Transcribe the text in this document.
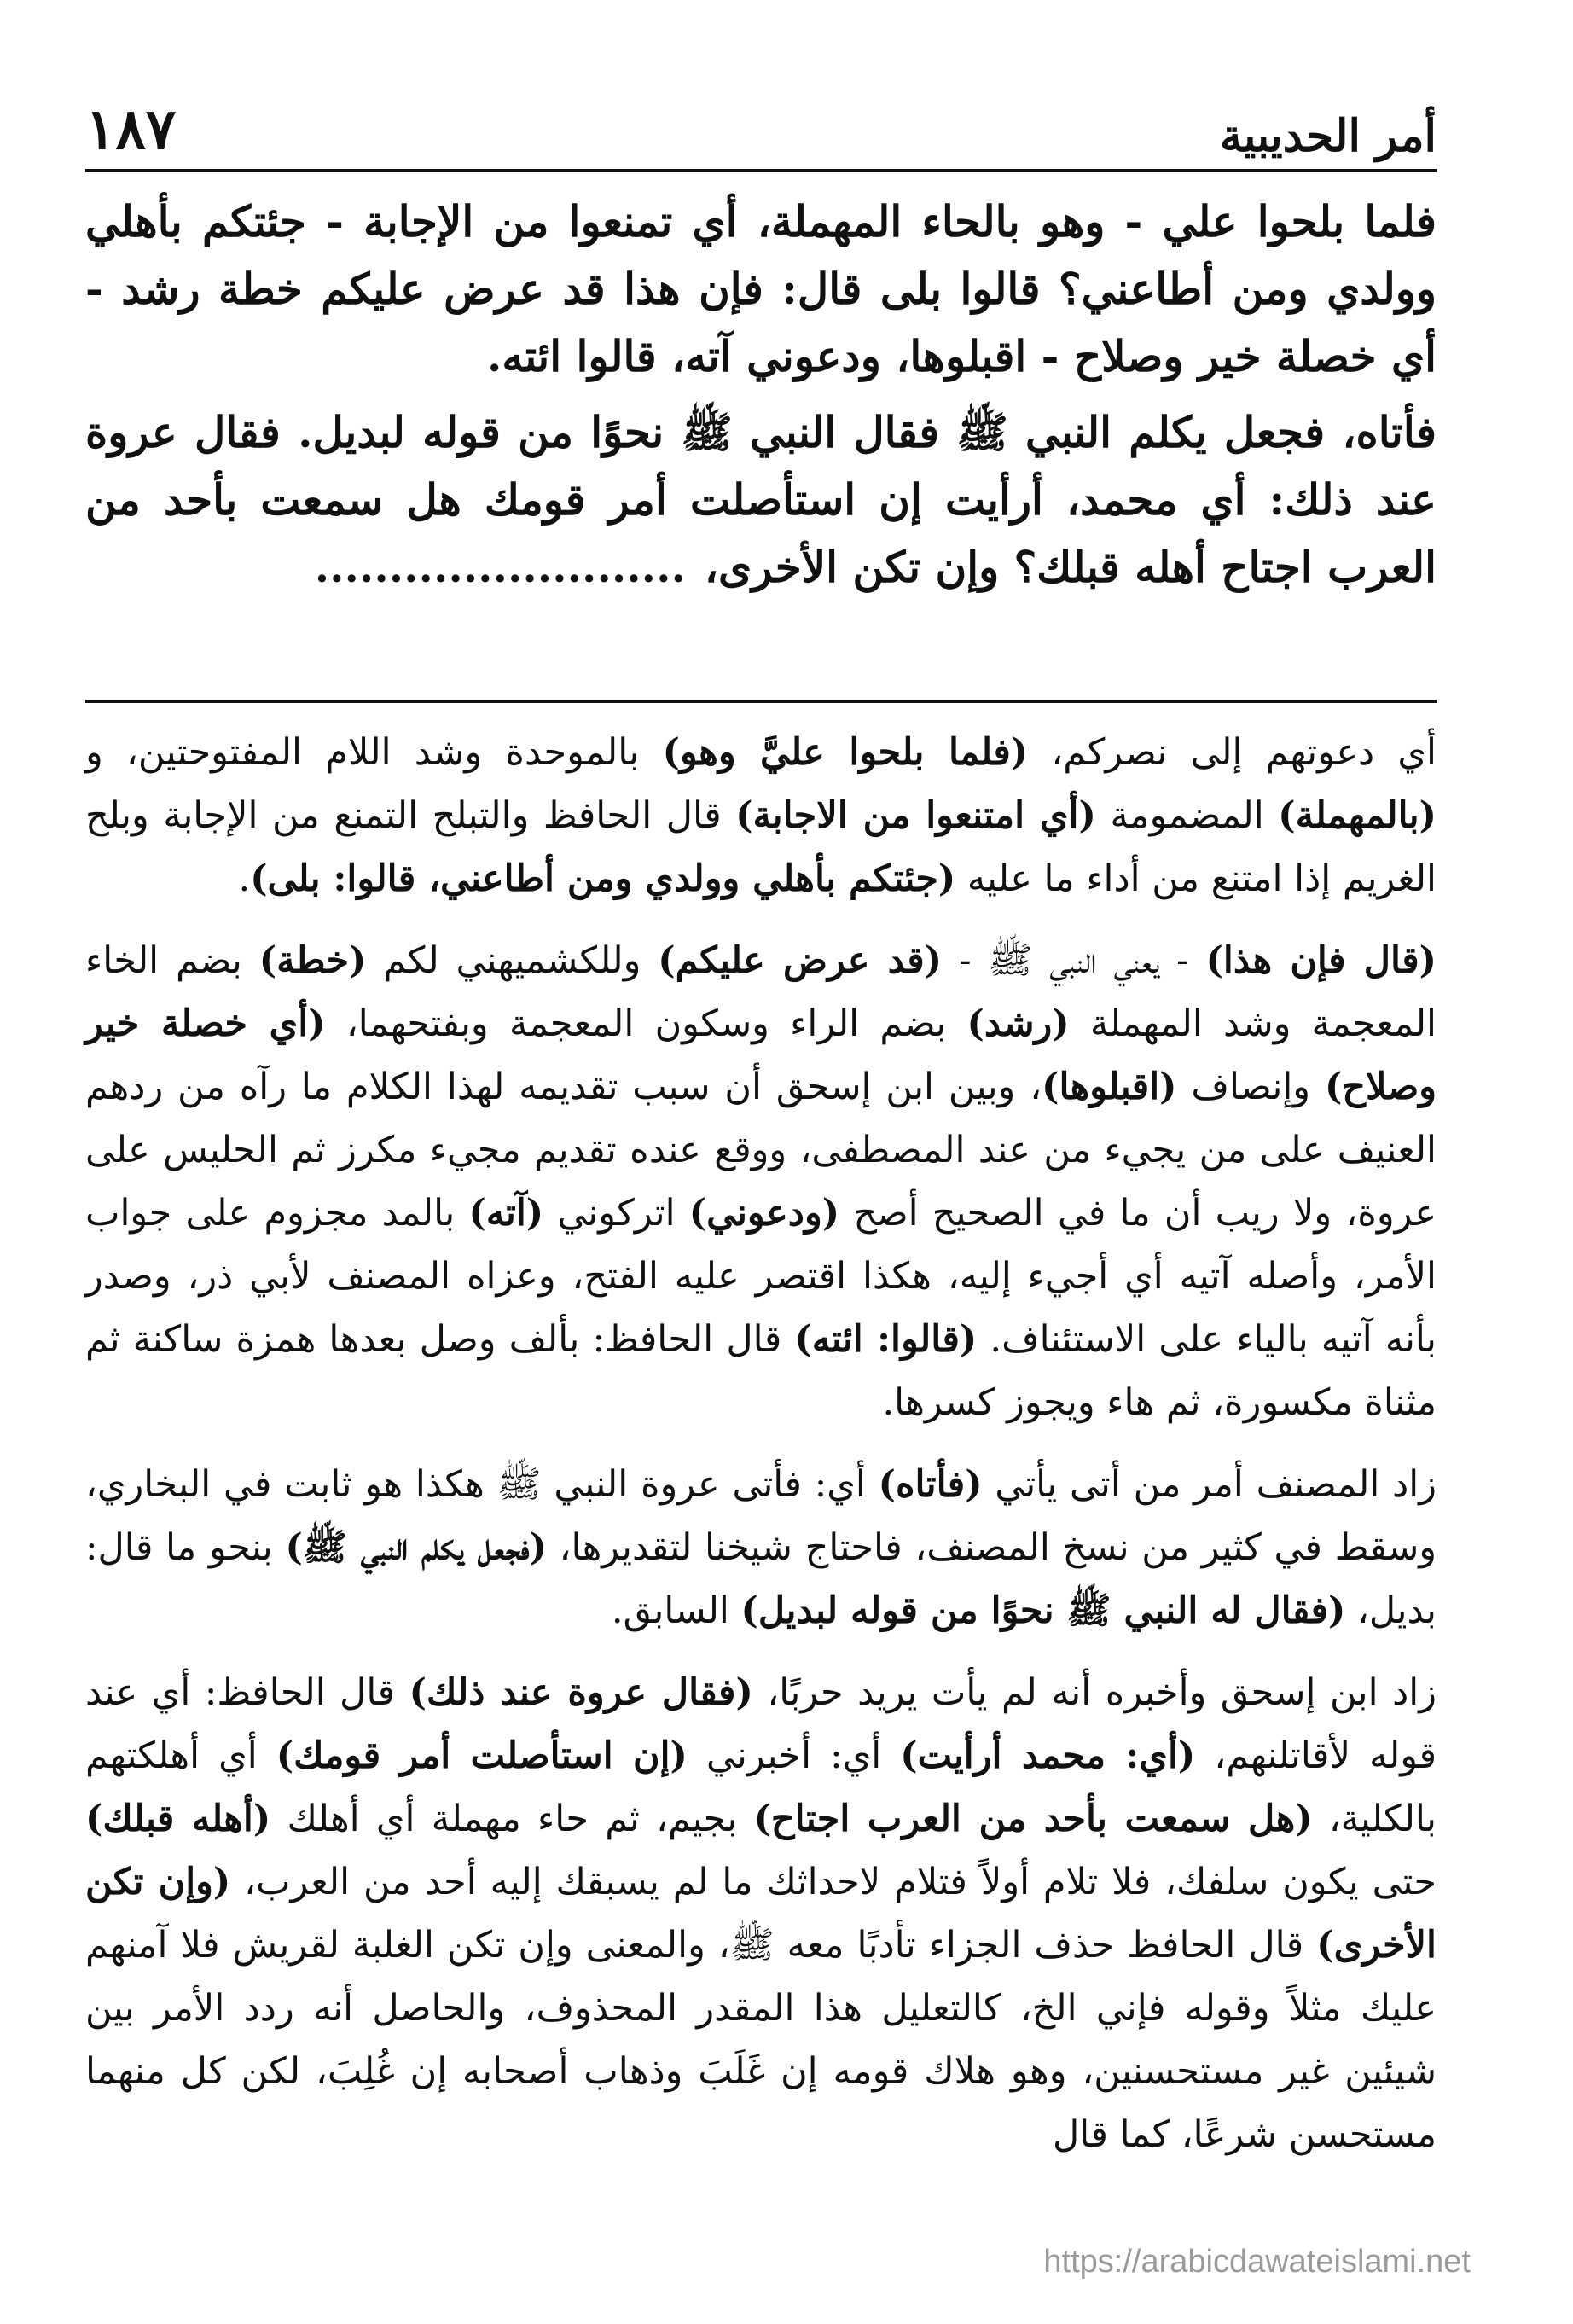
١٨٧	أمر الحديبية

فلما بلحوا علي - وهو بالحاء المهملة، أي تمنعوا من الإجابة - جئتكم بأهلي وولدي ومن أطاعني؟ قالوا بلى قال: فإن هذا قد عرض عليكم خطة رشد - أي خصلة خير وصلاح - اقبلوها، ودعوني آته، قالوا ائته.

فأتاه، فجعل يكلم النبي ﷺ فقال النبي ﷺ نحوًا من قوله لبديل. فقال عروة عند ذلك: أي محمد، أرأيت إن استأصلت أمر قومك هل سمعت بأحد من العرب اجتاح أهله قبلك؟ وإن تكن الأخرى،.........................

أي دعوتهم إلى نصركم، (فلما بلحوا عليَّ وهو) بالموحدة وشد اللام المفتوحتين، و (بالمهملة) المضمومة (أي امتنعوا من الاجابة) قال الحافظ والتبلح التمنع من الإجابة وبلح الغريم إذا امتنع من أداء ما عليه (جئتكم بأهلي وولدي ومن أطاعني، قالوا: بلى).

(قال فإن هذا) - يعني النبي ﷺ - (قد عرض عليكم) وللكشميهني لكم (خطة) بضم الخاء المعجمة وشد المهملة (رشد) بضم الراء وسكون المعجمة وبفتحهما، (أي خصلة خير وصلاح) وإنصاف (اقبلوها)، وبين ابن إسحق أن سبب تقديمه لهذا الكلام ما رآه من ردهم العنيف على من يجيء من عند المصطفى، ووقع عنده تقديم مجيء مكرز ثم الحليس على عروة، ولا ريب أن ما في الصحيح أصح (ودعوني) اتركوني (آته) بالمد مجزوم على جواب الأمر، وأصله آتيه أي أجيء إليه، هكذا اقتصر عليه الفتح، وعزاه المصنف لأبي ذر، وصدر بأنه آتيه بالياء على الاستئناف. (قالوا: ائته) قال الحافظ: بألف وصل بعدها همزة ساكنة ثم مثناة مكسورة، ثم هاء ويجوز كسرها.

زاد المصنف أمر من أتى يأتي (فأتاه) أي: فأتى عروة النبي ﷺ هكذا هو ثابت في البخاري، وسقط في كثير من نسخ المصنف، فاحتاج شيخنا لتقديرها، (فجعل يكلم النبي ﷺ) بنحو ما قال: بديل، (فقال له النبي ﷺ نحوًا من قوله لبديل) السابق.

زاد ابن إسحق وأخبره أنه لم يأت يريد حربًا، (فقال عروة عند ذلك) قال الحافظ: أي عند قوله لأقاتلنهم، (أي: محمد أرأيت) أي: أخبرني (إن استأصلت أمر قومك) أي أهلكتهم بالكلية، (هل سمعت بأحد من العرب اجتاح) بجيم، ثم حاء مهملة أي أهلك (أهله قبلك) حتى يكون سلفك، فلا تلام أولاً فتلام لاحداثك ما لم يسبقك إليه أحد من العرب، (وإن تكن الأخرى) قال الحافظ حذف الجزاء تأدبًا معه ﷺ، والمعنى وإن تكن الغلبة لقريش فلا آمنهم عليك مثلاً وقوله فإني الخ، كالتعليل هذا المقدر المحذوف، والحاصل أنه ردد الأمر بين شيئين غير مستحسنين، وهو هلاك قومه إن غَلَبَ وذهاب أصحابه إن غُلِبَ، لكن كل منهما مستحسن شرعًا، كما قال

https://arabicdawateislami.net
